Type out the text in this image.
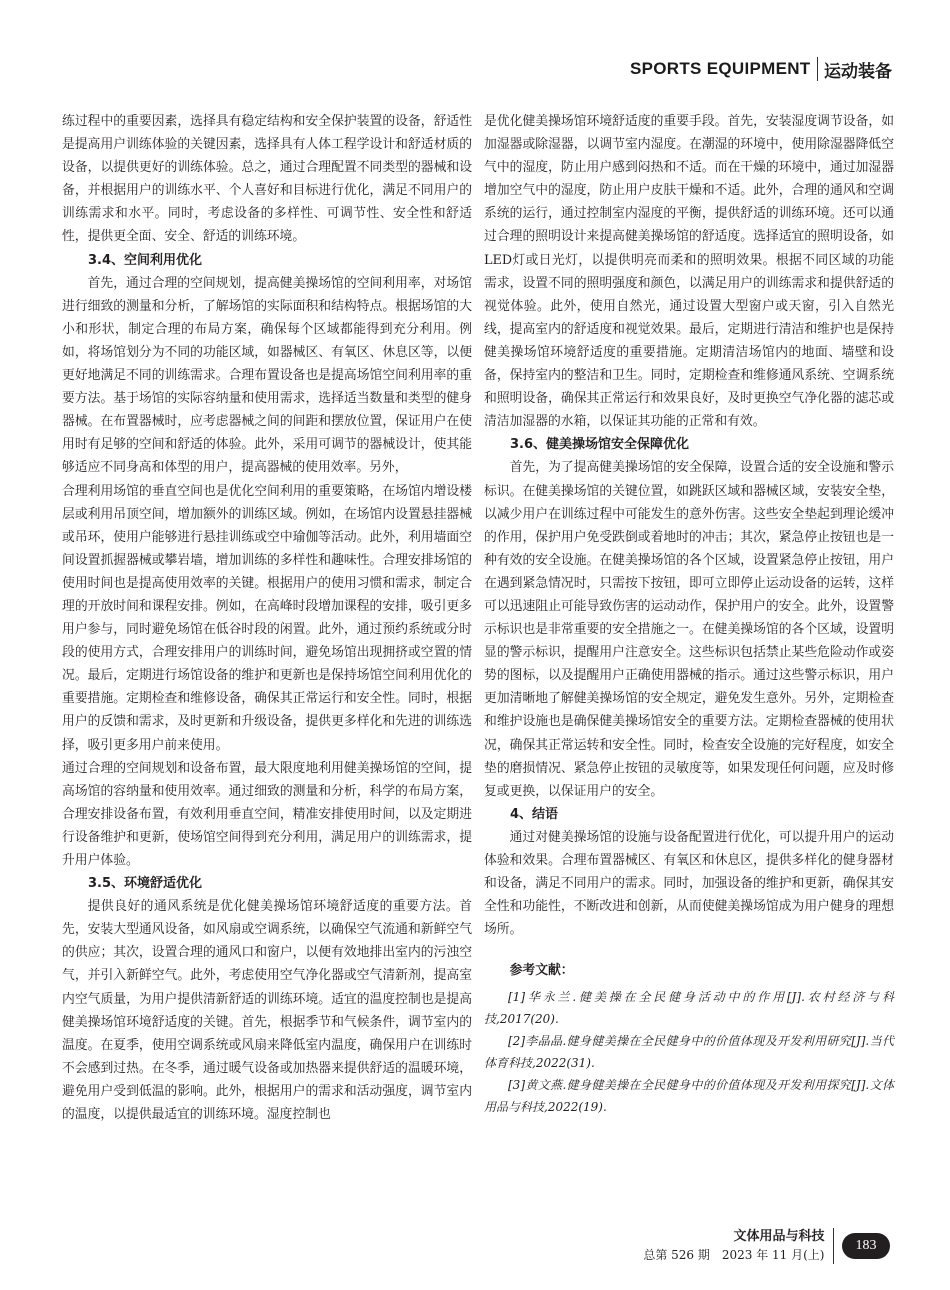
SPORTS EQUIPMENT 运动装备

练过程中的重要因素，选择具有稳定结构和安全保护装置的设备，舒适性是提高用户训练体验的关键因素，选择具有人体工程学设计和舒适材质的设备，以提供更好的训练体验。总之，通过合理配置不同类型的器械和设备，并根据用户的训练水平、个人喜好和目标进行优化，满足不同用户的训练需求和水平。同时，考虑设备的多样性、可调节性、安全性和舒适性，提供更全面、安全、舒适的训练环境。

3.4、空间利用优化

首先，通过合理的空间规划，提高健美操场馆的空间利用率，对场馆进行细致的测量和分析，了解场馆的实际面积和结构特点。根据场馆的大小和形状，制定合理的布局方案，确保每个区域都能得到充分利用。例如，将场馆划分为不同的功能区域，如器械区、有氧区、休息区等，以便更好地满足不同的训练需求。合理布置设备也是提高场馆空间利用率的重要方法。基于场馆的实际容纳量和使用需求，选择适当数量和类型的健身器械。在布置器械时，应考虑器械之间的间距和摆放位置，保证用户在使用时有足够的空间和舒适的体验。此外，采用可调节的器械设计，使其能够适应不同身高和体型的用户，提高器械的使用效率。另外，

合理利用场馆的垂直空间也是优化空间利用的重要策略，在场馆内增设楼层或利用吊顶空间，增加额外的训练区域。例如，在场馆内设置悬挂器械或吊环，使用户能够进行悬挂训练或空中瑜伽等活动。此外，利用墙面空间设置抓握器械或攀岩墙，增加训练的多样性和趣味性。合理安排场馆的使用时间也是提高使用效率的关键。根据用户的使用习惯和需求，制定合理的开放时间和课程安排。例如，在高峰时段增加课程的安排，吸引更多用户参与，同时避免场馆在低谷时段的闲置。此外，通过预约系统或分时段的使用方式，合理安排用户的训练时间，避免场馆出现拥挤或空置的情况。最后，定期进行场馆设备的维护和更新也是保持场馆空间利用优化的重要措施。定期检查和维修设备，确保其正常运行和安全性。同时，根据用户的反馈和需求，及时更新和升级设备，提供更多样化和先进的训练选择，吸引更多用户前来使用。

通过合理的空间规划和设备布置，最大限度地利用健美操场馆的空间，提高场馆的容纳量和使用效率。通过细致的测量和分析，科学的布局方案，合理安排设备布置，有效利用垂直空间，精准安排使用时间，以及定期进行设备维护和更新，使场馆空间得到充分利用，满足用户的训练需求，提升用户体验。

3.5、环境舒适优化

提供良好的通风系统是优化健美操场馆环境舒适度的重要方法。首先，安装大型通风设备，如风扇或空调系统，以确保空气流通和新鲜空气的供应；其次，设置合理的通风口和窗户，以便有效地排出室内的污浊空气，并引入新鲜空气。此外，考虑使用空气净化器或空气清新剂，提高室内空气质量，为用户提供清新舒适的训练环境。适宜的温度控制也是提高健美操场馆环境舒适度的关键。首先，根据季节和气候条件，调节室内的温度。在夏季，使用空调系统或风扇来降低室内温度，确保用户在训练时不会感到过热。在冬季，通过暖气设备或加热器来提供舒适的温暖环境，避免用户受到低温的影响。此外，根据用户的需求和活动强度，调节室内的温度，以提供最适宜的训练环境。湿度控制也

是优化健美操场馆环境舒适度的重要手段。首先，安装湿度调节设备，如加湿器或除湿器，以调节室内湿度。在潮湿的环境中，使用除湿器降低空气中的湿度，防止用户感到闷热和不适。而在干燥的环境中，通过加湿器增加空气中的湿度，防止用户皮肤干燥和不适。此外，合理的通风和空调系统的运行，通过控制室内湿度的平衡，提供舒适的训练环境。还可以通过合理的照明设计来提高健美操场馆的舒适度。选择适宜的照明设备，如LED灯或日光灯，以提供明亮而柔和的照明效果。根据不同区域的功能需求，设置不同的照明强度和颜色，以满足用户的训练需求和提供舒适的视觉体验。此外，使用自然光，通过设置大型窗户或天窗，引入自然光线，提高室内的舒适度和视觉效果。最后，定期进行清洁和维护也是保持健美操场馆环境舒适度的重要措施。定期清洁场馆内的地面、墙壁和设备，保持室内的整洁和卫生。同时，定期检查和维修通风系统、空调系统和照明设备，确保其正常运行和效果良好，及时更换空气净化器的滤芯或清洁加湿器的水箱，以保证其功能的正常和有效。

3.6、健美操场馆安全保障优化

首先，为了提高健美操场馆的安全保障，设置合适的安全设施和警示标识。在健美操场馆的关键位置，如跳跃区域和器械区域，安装安全垫，以减少用户在训练过程中可能发生的意外伤害。这些安全垫起到理论缓冲的作用，保护用户免受跌倒或着地时的冲击；其次，紧急停止按钮也是一种有效的安全设施。在健美操场馆的各个区域，设置紧急停止按钮，用户在遇到紧急情况时，只需按下按钮，即可立即停止运动设备的运转，这样可以迅速阻止可能导致伤害的运动动作，保护用户的安全。此外，设置警示标识也是非常重要的安全措施之一。在健美操场馆的各个区域，设置明显的警示标识，提醒用户注意安全。这些标识包括禁止某些危险动作或姿势的图标，以及提醒用户正确使用器械的指示。通过这些警示标识，用户更加清晰地了解健美操场馆的安全规定，避免发生意外。另外，定期检查和维护设施也是确保健美操场馆安全的重要方法。定期检查器械的使用状况，确保其正常运转和安全性。同时，检查安全设施的完好程度，如安全垫的磨损情况、紧急停止按钮的灵敏度等，如果发现任何问题，应及时修复或更换，以保证用户的安全。

4、结语

通过对健美操场馆的设施与设备配置进行优化，可以提升用户的运动体验和效果。合理布置器械区、有氧区和休息区，提供多样化的健身器材和设备，满足不同用户的需求。同时，加强设备的维护和更新，确保其安全性和功能性，不断改进和创新，从而使健美操场馆成为用户健身的理想场所。

参考文献：

[1]华永兰.健美操在全民健身活动中的作用[J].农村经济与科技,2017(20).

[2]李晶晶.健身健美操在全民健身中的价值体现及开发利用研究[J].当代体育科技,2022(31).

[3]黄文燕.健身健美操在全民健身中的价值体现及开发利用探究[J].文体用品与科技,2022(19).

文体用品与科技
总第 526 期　2023 年 11 月(上)
183
